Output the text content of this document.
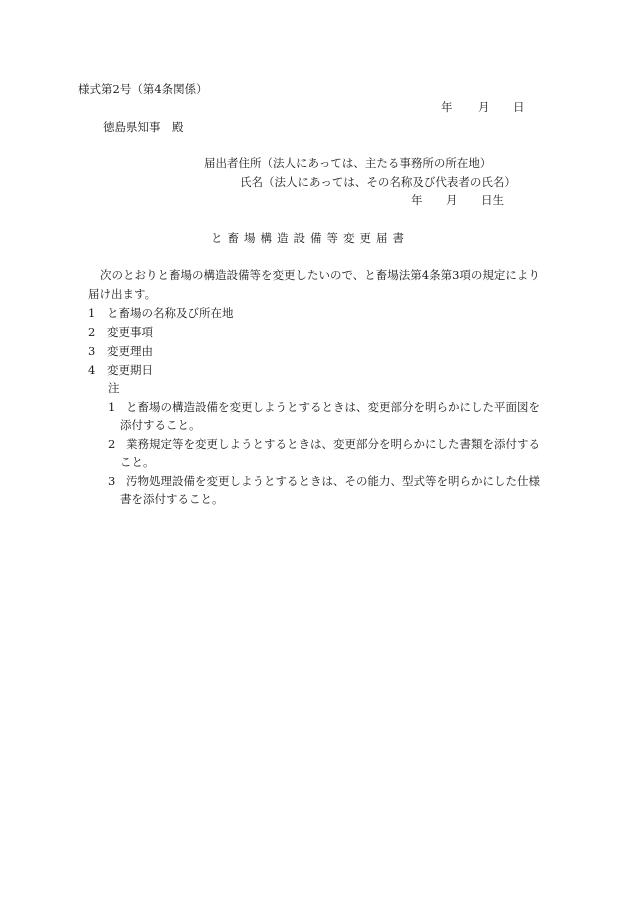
様式第2号（第4条関係）
年 月 日
徳島県知事　殿
届出者住所（法人にあっては、主たる事務所の所在地）
氏名（法人にあっては、その名称及び代表者の氏名）
年 月 日生
と畜場構造設備等変更届書
次のとおりと畜場の構造設備等を変更したいので、と畜場法第4条第3項の規定により
届け出ます。
1 と畜場の名称及び所在地
2 変更事項
3 変更理由
4 変更期日
注
1 と畜場の構造設備を変更しようとするときは、変更部分を明らかにした平面図を
添付すること。
2 業務規定等を変更しようとするときは、変更部分を明らかにした書類を添付する
こと。
3 汚物処理設備を変更しようとするときは、その能力、型式等を明らかにした仕様
書を添付すること。
